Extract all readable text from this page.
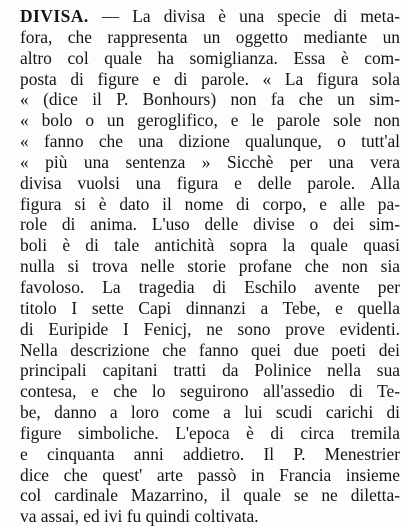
DIVISA. — La divisa è una specie di meta-
fora, che rappresenta un oggetto mediante un
altro col quale ha somiglianza. Essa è com-
posta di figure e di parole. « La figura sola
« (dice il P. Bonhours) non fa che un sim-
« bolo o un geroglifico, e le parole sole non
« fanno che una dizione qualunque, o tutt'al
« più una sentenza » Sicchè per una vera
divisa vuolsi una figura e delle parole. Alla
figura si è dato il nome di corpo, e alle pa-
role di anima. L'uso delle divise o dei sim-
boli è di tale antichità sopra la quale quasi
nulla si trova nelle storie profane che non sia
favoloso. La tragedia di Eschilo avente per
titolo I sette Capi dinnanzi a Tebe, e quella
di Euripide I Fenicj, ne sono prove evidenti.
Nella descrizione che fanno quei due poeti dei
principali capitani tratti da Polinice nella sua
contesa, e che lo seguirono all'assedio di Te-
be, danno a loro come a lui scudi carichi di
figure simboliche. L'epoca è di circa tremila
e cinquanta anni addietro. Il P. Menestrier
dice che quest' arte passò in Francia insieme
col cardinale Mazarrino, il quale se ne diletta-
va assai, ed ivi fu quindi coltivata.
